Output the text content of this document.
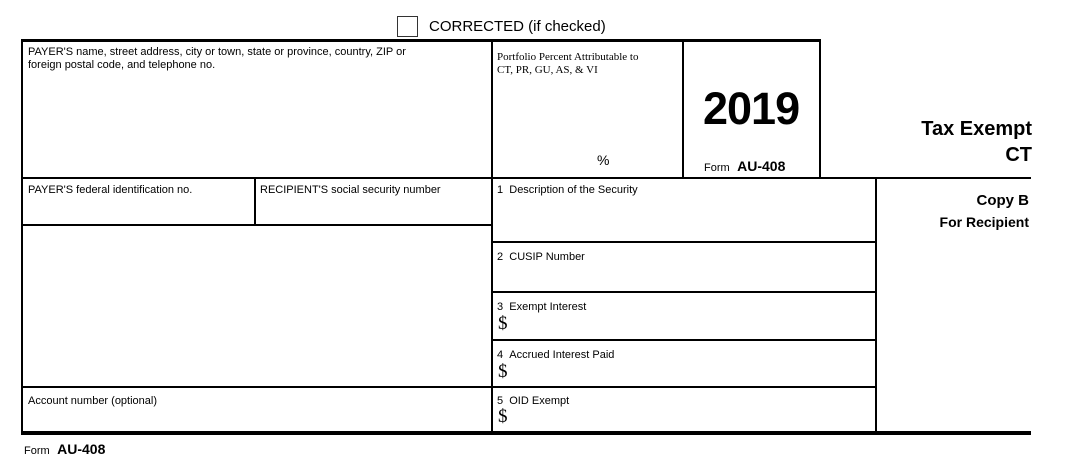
CORRECTED (if checked)
PAYER'S name, street address, city or town, state or province, country, ZIP or
foreign postal code, and telephone no.
PAYER'S federal identification no.	RECIPIENT'S social security number
Account number (optional)
Portfolio Percent Attributable to
CT, PR, GU, AS, & VI
%
2019
Form AU-408
Tax Exempt
CT
Copy B
For Recipient
1 Description of the Security
2 CUSIP Number
3 Exempt Interest
$
4 Accrued Interest Paid
$
5 OID Exempt
$
Form AU-408
